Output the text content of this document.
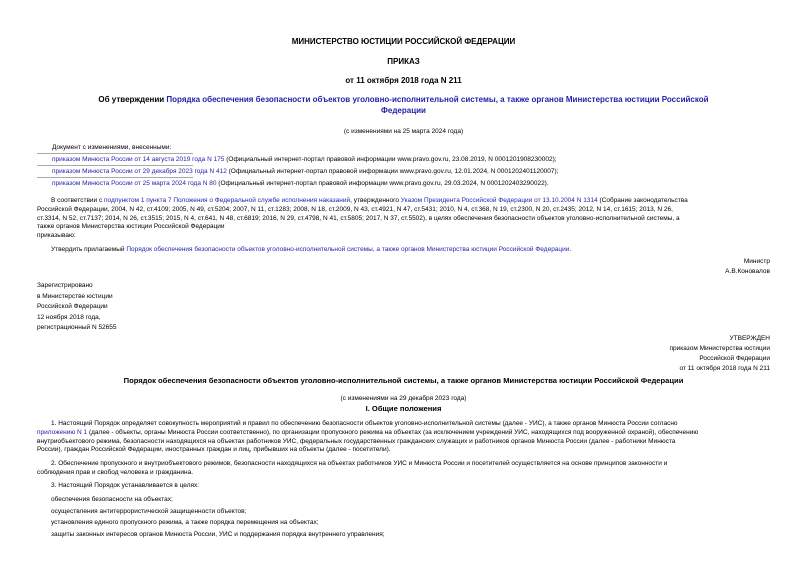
МИНИСТЕРСТВО ЮСТИЦИИ РОССИЙСКОЙ ФЕДЕРАЦИИ
ПРИКАЗ
от 11 октября 2018 года N 211
Об утверждении Порядка обеспечения безопасности объектов уголовно-исполнительной системы, а также органов Министерства юстиции Российской
Федерации
(с изменениями на 25 марта 2024 года)
Документ с изменениями, внесенными:
приказом Минюста России от 14 августа 2019 года N 175 (Официальный интернет-портал правовой информации www.pravo.gov.ru, 23.08.2019, N 0001201908230002);
приказом Минюста России от 29 декабря 2023 года N 412 (Официальный интернет-портал правовой информации www.pravo.gov.ru, 12.01.2024, N 0001202401120007);
приказом Минюста России от 25 марта 2024 года N 80 (Официальный интернет-портал правовой информации www.pravo.gov.ru, 29.03.2024, N 0001202403290022).
В соответствии с подпунктом 1 пункта 7 Положения о Федеральной службе исполнения наказаний, утвержденного Указом Президента Российской Федерации от 13.10.2004 N 1314 (Собрание законодательства
Российской Федерации, 2004, N 42, ст.4109; 2005, N 49, ст.5204; 2007, N 11, ст.1283; 2008, N 18, ст.2009, N 43, ст.4921, N 47, ст.5431; 2010, N 4, ст.368, N 19, ст.2300, N 20, ст.2435; 2012, N 14, ст.1615; 2013, N 26,
ст.3314, N 52, ст.7137; 2014, N 26, ст.3515; 2015, N 4, ст.641, N 48, ст.6819; 2016, N 29, ст.4798, N 41, ст.5805; 2017, N 37, ст.5502), в целях обеспечения безопасности объектов уголовно-исполнительной системы, а
также органов Министерства юстиции Российской Федерации
приказываю:
Утвердить прилагаемый Порядок обеспечения безопасности объектов уголовно-исполнительной системы, а также органов Министерства юстиции Российской Федерации.
Министр
А.В.Коновалов
Зарегистрировано
в Министерстве юстиции
Российской Федерации
12 ноября 2018 года,
регистрационный N 52655
УТВЕРЖДЕН
приказом Министерства юстиции
Российской Федерации
от 11 октября 2018 года N 211
Порядок обеспечения безопасности объектов уголовно-исполнительной системы, а также органов Министерства юстиции Российской Федерации
(с изменениями на 29 декабря 2023 года)
I. Общие положения
1. Настоящий Порядок определяет совокупность мероприятий и правил по обеспечению безопасности объектов уголовно-исполнительной системы (далее - УИС), а также органов Минюста России согласно
приложению N 1 (далее - объекты, органы Минюста России соответственно), по организации пропускного режима на объектах (за исключением учреждений УИС, находящихся под вооруженной охраной), обеспечению
внутриобъектового режима, безопасности находящихся на объектах работников УИС, федеральных государственных гражданских служащих и работников органов Минюста России (далее - работники Минюста
России), граждан Российской Федерации, иностранных граждан и лиц, прибывших на объекты (далее - посетители).
2. Обеспечение пропускного и внутриобъектового режимов, безопасности находящихся на объектах работников УИС и Минюста России и посетителей осуществляется на основе принципов законности и
соблюдения прав и свобод человека и гражданина.
3. Настоящий Порядок устанавливается в целях:
обеспечения безопасности на объектах;
осуществления антитеррористической защищенности объектов;
установления единого пропускного режима, а также порядка перемещения на объектах;
защиты законных интересов органов Минюста России, УИС и поддержания порядка внутреннего управления;
